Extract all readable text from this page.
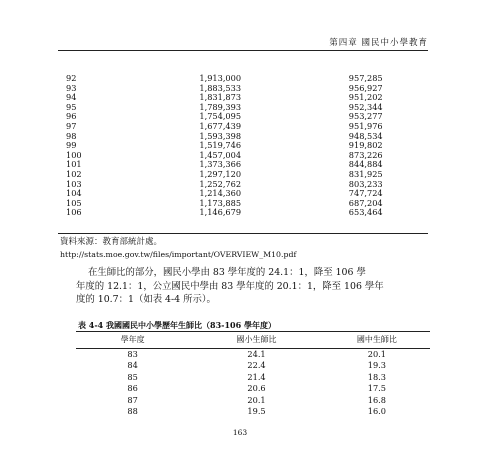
第四章 國民中小學教育
92	1,913,000	957,285
93	1,883,533	956,927
94	1,831,873	951,202
95	1,789,393	952,344
96	1,754,095	953,277
97	1,677,439	951,976
98	1,593,398	948,534
99	1,519,746	919,802
100	1,457,004	873,226
101	1,373,366	844,884
102	1,297,120	831,925
103	1,252,762	803,233
104	1,214,360	747,724
105	1,173,885	687,204
106	1,146,679	653,464
資料來源：教育部統計處。
http://stats.moe.gov.tw/files/important/OVERVIEW_M10.pdf
在生師比的部分，國民小學由 83 學年度的 24.1：1，降至 106 學
年度的 12.1：1，公立國民中學由 83 學年度的 20.1：1，降至 106 學年
度的 10.7：1（如表 4-4 所示）。
表 4-4 我國國民中小學歷年生師比（83-106 學年度）
學年度	國小生師比	國中生師比
83	24.1	20.1
84	22.4	19.3
85	21.4	18.3
86	20.6	17.5
87	20.1	16.8
88	19.5	16.0
163
